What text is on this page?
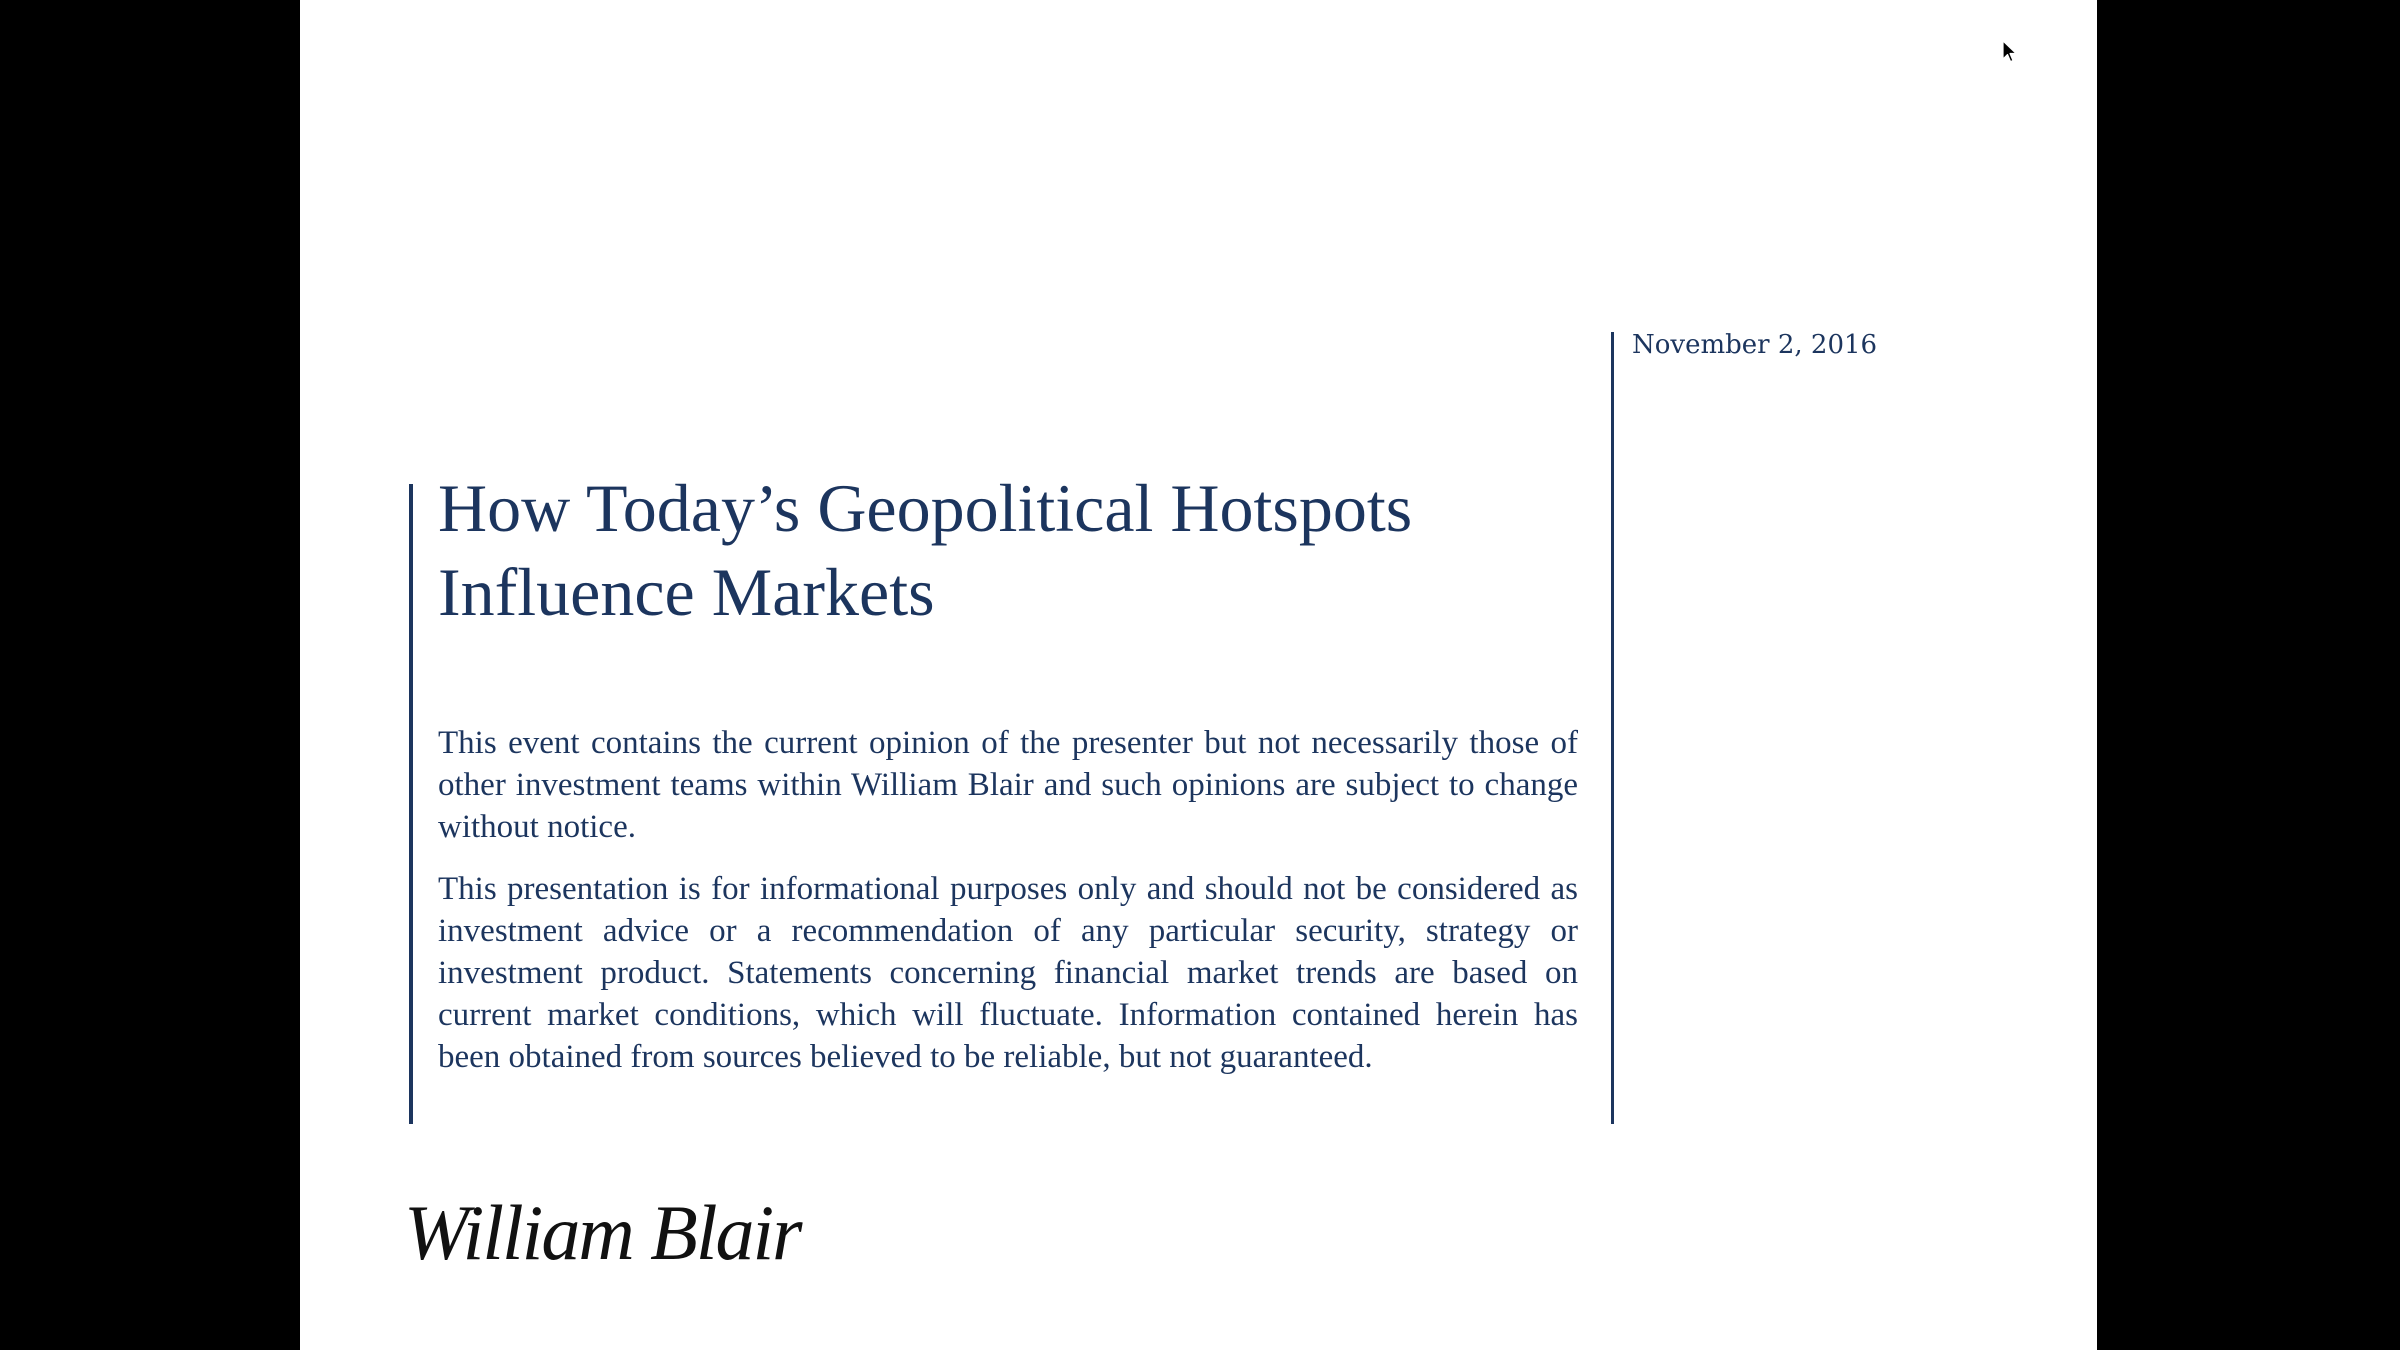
November 2, 2016
How Today’s Geopolitical Hotspots
Influence Markets

This event contains the current opinion of the presenter but not necessarily those of other investment teams within William Blair and such opinions are subject to change without notice.

This presentation is for informational purposes only and should not be considered as investment advice or a recommendation of any particular security, strategy or investment product. Statements concerning financial market trends are based on current market conditions, which will fluctuate. Information contained herein has been obtained from sources believed to be reliable, but not guaranteed.

William Blair
